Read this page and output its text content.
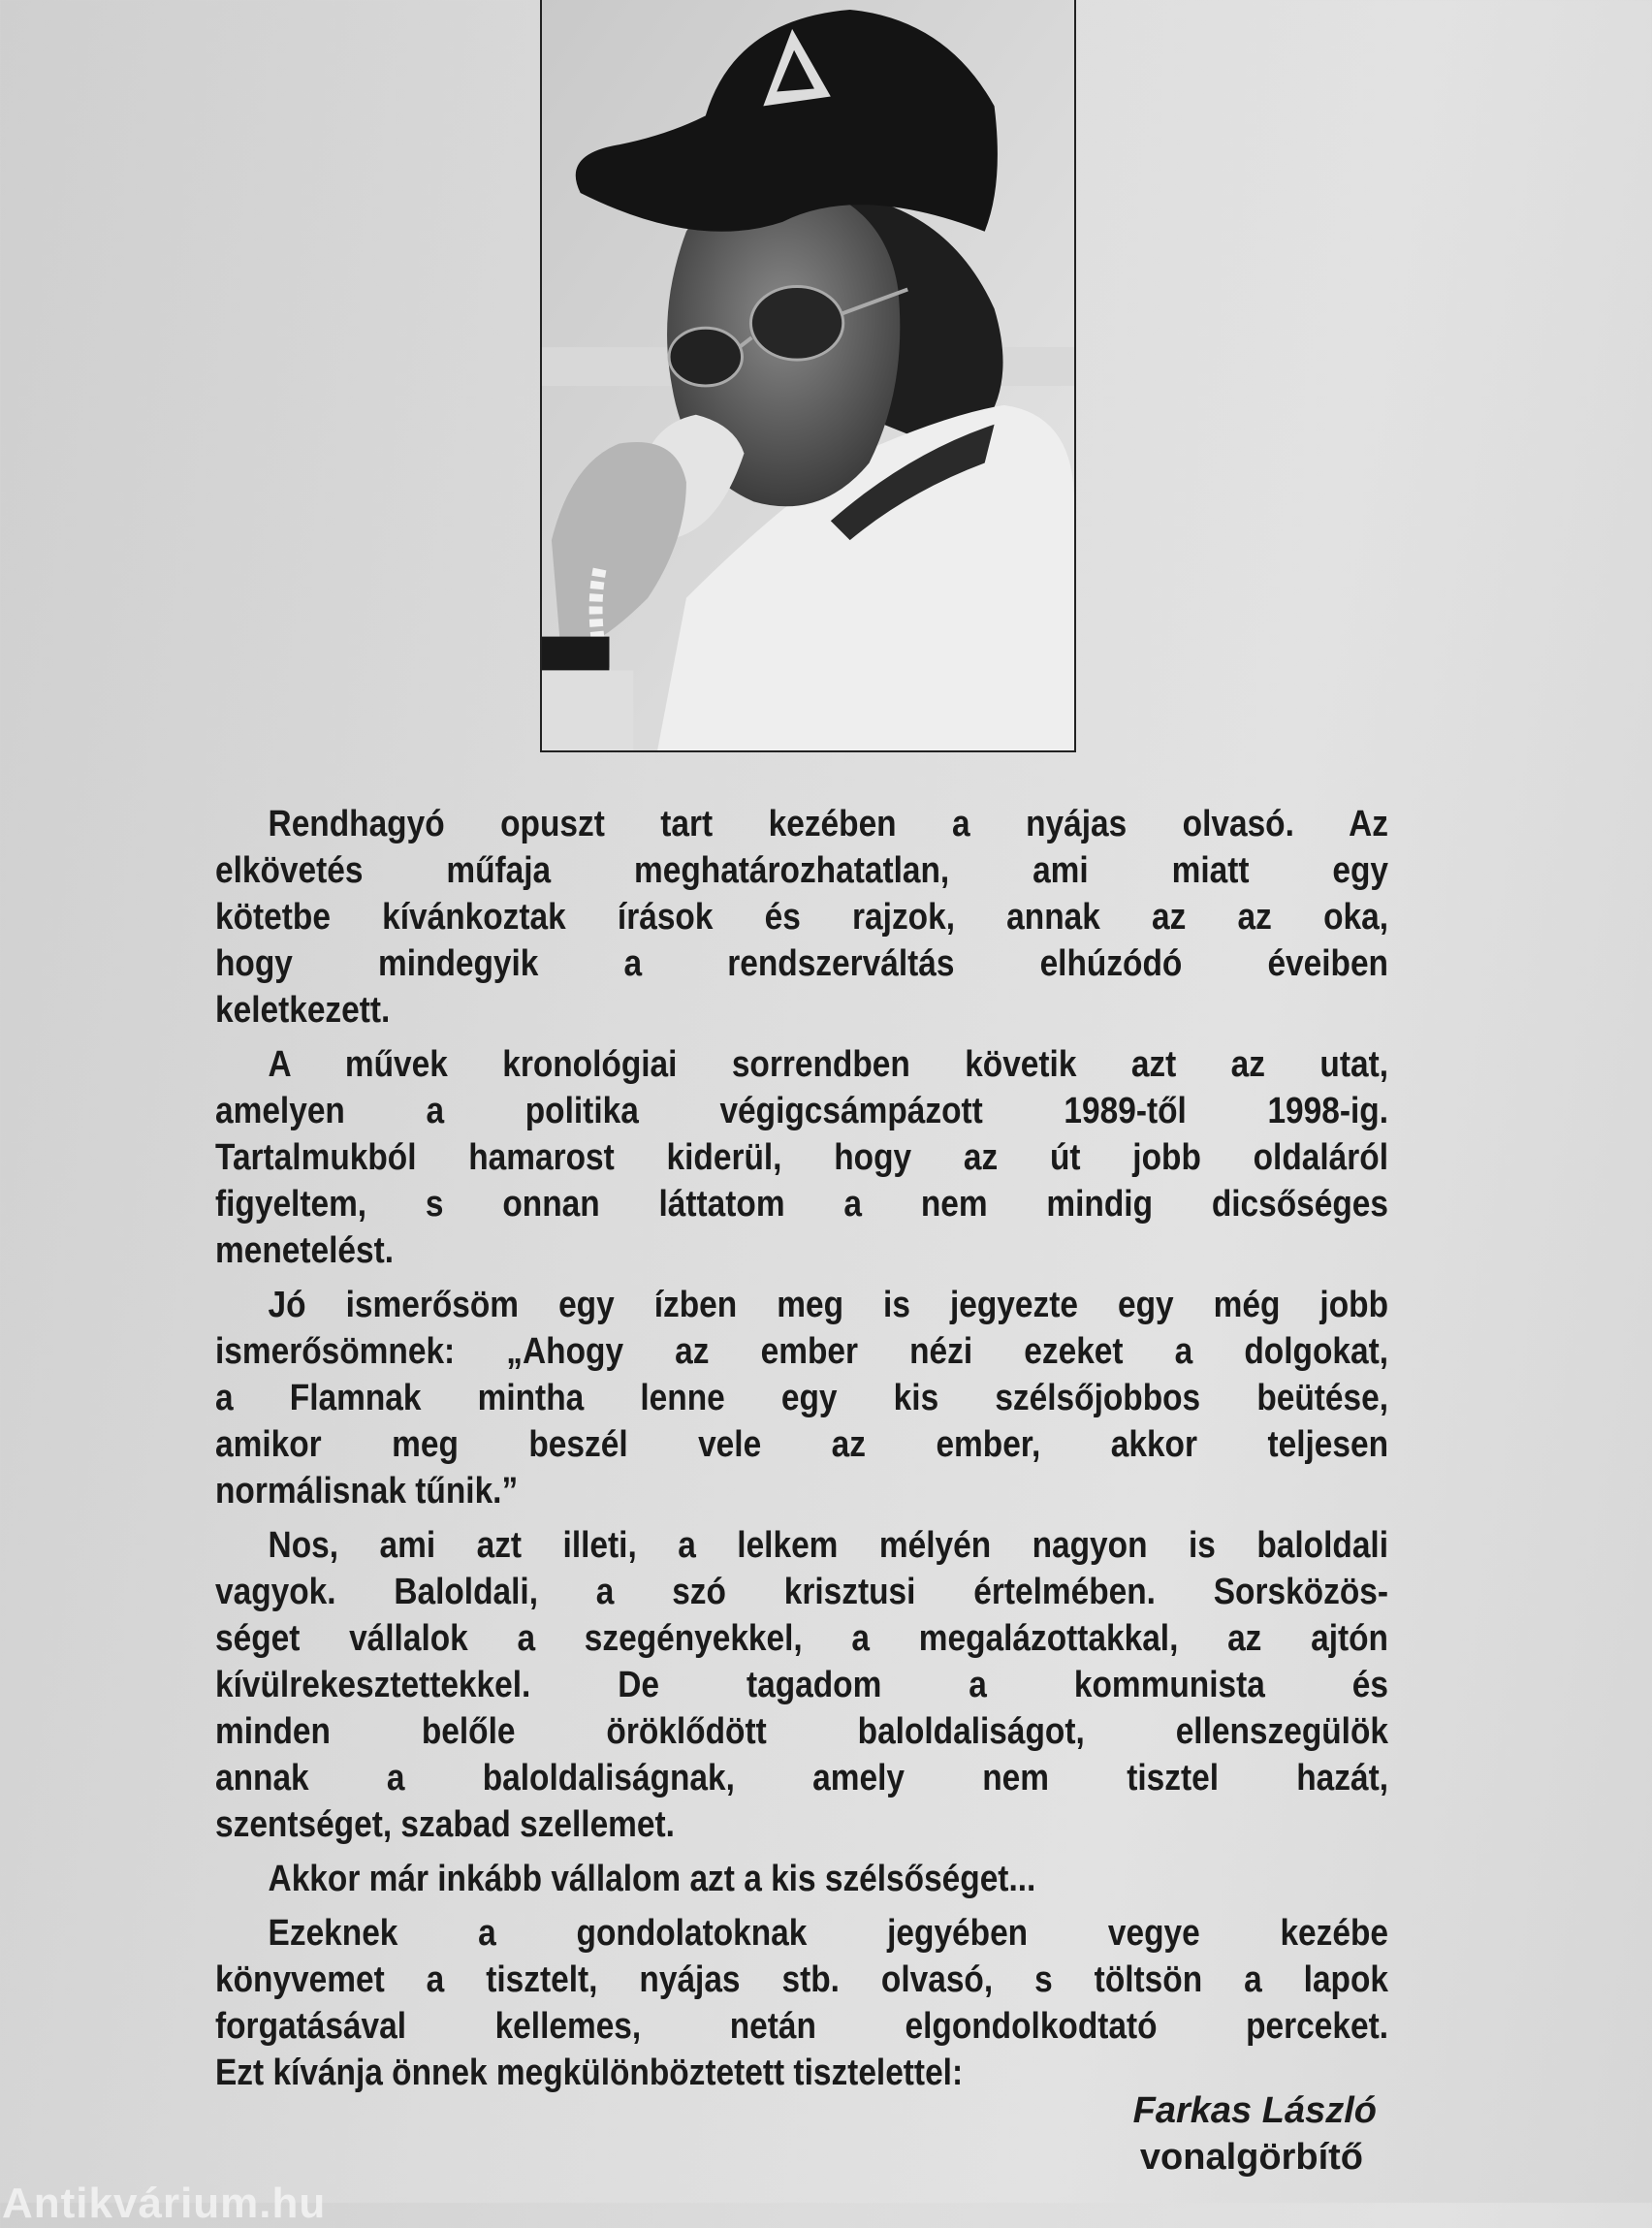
Rendhagyó opuszt tart kezében a nyájas olvasó. Az
elkövetés műfaja meghatározhatatlan, ami miatt egy
kötetbe kívánkoztak írások és rajzok, annak az az oka,
hogy mindegyik a rendszerváltás elhúzódó éveiben
keletkezett.
A művek kronológiai sorrendben követik azt az utat,
amelyen a politika végigcsámpázott 1989-től 1998-ig.
Tartalmukból hamarost kiderül, hogy az út jobb oldaláról
figyeltem, s onnan láttatom a nem mindig dicsőséges
menetelést.
Jó ismerősöm egy ízben meg is jegyezte egy még jobb
ismerősömnek: „Ahogy az ember nézi ezeket a dolgokat,
a Flamnak mintha lenne egy kis szélsőjobbos beütése,
amikor meg beszél vele az ember, akkor teljesen
normálisnak tűnik.”
Nos, ami azt illeti, a lelkem mélyén nagyon is baloldali
vagyok. Baloldali, a szó krisztusi értelmében. Sorsközös-
séget vállalok a szegényekkel, a megalázottakkal, az ajtón
kívülrekesztettekkel. De tagadom a kommunista és
minden belőle öröklődött baloldaliságot, ellenszegülök
annak a baloldaliságnak, amely nem tisztel hazát,
szentséget, szabad szellemet.
Akkor már inkább vállalom azt a kis szélsőséget...
Ezeknek a gondolatoknak jegyében vegye kezébe
könyvemet a tisztelt, nyájas stb. olvasó, s töltsön a lapok
forgatásával kellemes, netán elgondolkodtató perceket.
Ezt kívánja önnek megkülönböztetett tisztelettel:
Farkas László
vonalgörbítő
Antikvárium.hu
